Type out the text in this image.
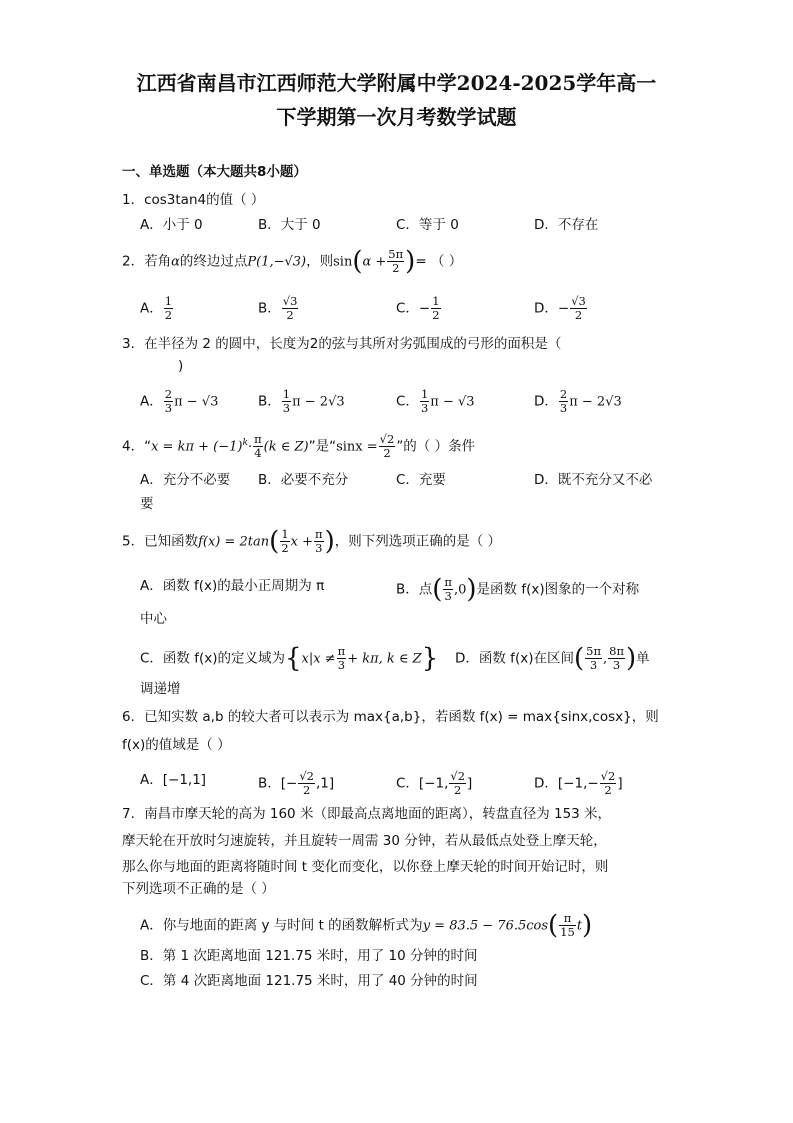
江西省南昌市江西师范大学附属中学2024-2025学年高一
下学期第一次月考数学试题
一、单选题（本大题共8小题）
1．cos3tan4的值（ ）
A．小于 0	B．大于 0	C．等于 0	D．不存在
2．若角α的终边过点P(1,−√3)，则$\sin(\alpha + \frac{5\pi}{2}$ )= （ ）
A． $\frac{1}{2}$	B． $\frac{√3}{2}$	C．− $\frac{1}{2}$	D．− $\frac{√3}{2}$
3．在半径为 2 的圆中，长度为2的弦与其所对劣弧围成的弓形的面积是（
)
A． $\frac{2}{3}$ π − √3	B． $\frac{1}{3}$ π − 2√3	C． $\frac{1}{3}$ π − √3	D． $\frac{2}{3}$ π − 2√3
4．“$x = k\pi + (-1)^k\cdot \frac{\pi}{4} (k$ ∈ Z)”是“$\sin x = \frac{√2}{2}$ ”的（ ）条件
A．充分不必要 B．必要不充分	C．充要	D．既不充分又不必
要
5．已知函数$f(x) = 2\tan( \frac{1}{2}$ $x + \frac{\pi}{3}$ )，则下列选项正确的是（ ）
A．函数 f(x)的最小正周期为 π	B．点( $\frac{\pi}{3} ,0$)是函数 f(x)图象的一个对称
中心
C．函数 f(x)的定义域为{$x|x \ne \frac{\pi}{3} + k\pi$, k ∈ Z} D．函数 f(x)在区间( $\frac{5\pi}{3}$ , $\frac{8\pi}{3}$ )单
调递增
6．已知实数 a,b 的较大者可以表示为 max{a,b}，若函数 f(x) = max{sinx,cosx}，则
f(x)的值域是（ ）
A．[−1,1]	B．[− $\frac{√2}{2} ,1$]	C．[−1, $\frac{√2}{2}$ ]	D．[$-1,- \frac{√2}{2}$ ]
7．南昌市摩天轮的高为 160 米（即最高点离地面的距离），转盘直径为 153 米，
摩天轮在开放时匀速旋转，并且旋转一周需 30 分钟，若从最低点处登上摩天轮，
那么你与地面的距离将随时间 t 变化而变化，以你登上摩天轮的时间开始记时，则
下列选项不正确的是（ ）
A．你与地面的距离 y 与时间 t 的函数解析式为$y = 83.5 - 76.5\cos( \frac{\pi}{15} t)$
B．第 1 次距离地面 121.75 米时，用了 10 分钟的时间
C．第 4 次距离地面 121.75 米时，用了 40 分钟的时间
